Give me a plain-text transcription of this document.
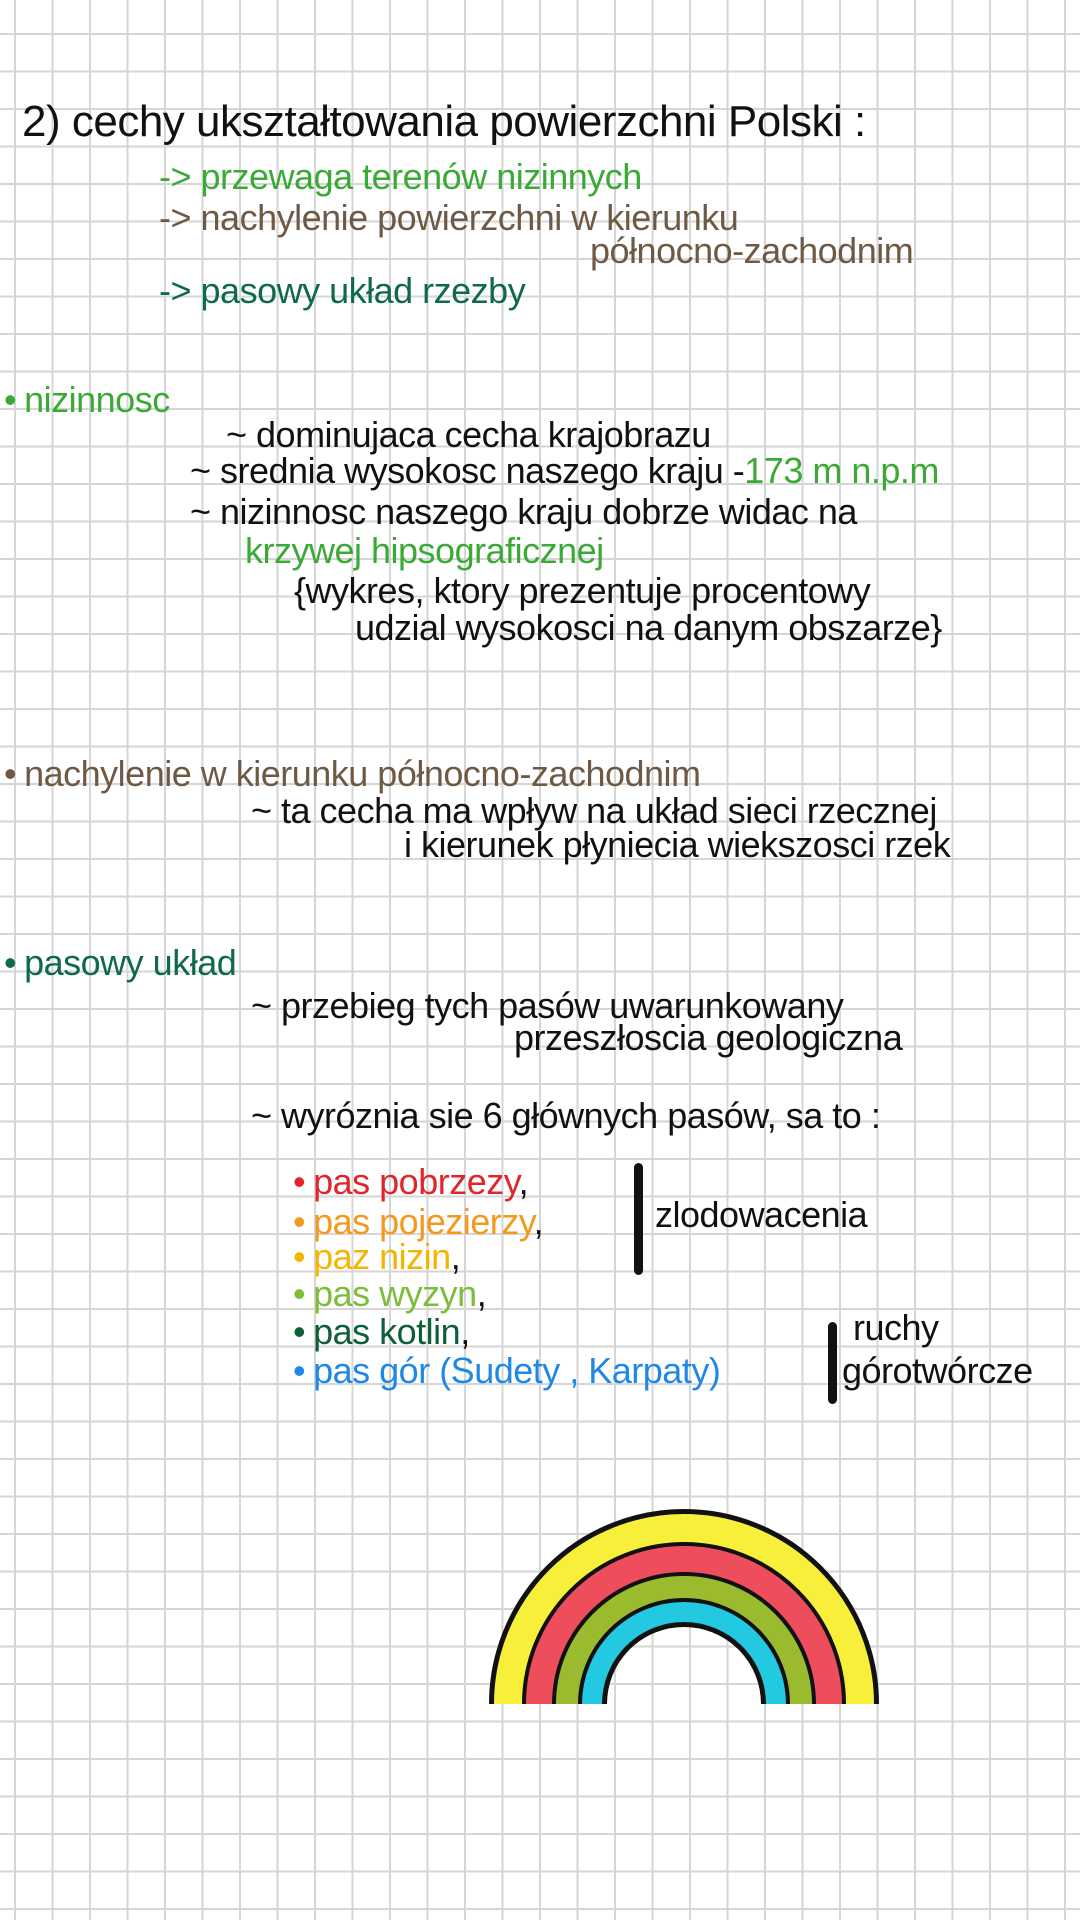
2) cechy ukształtowania powierzchni Polski :
-> przewaga terenów nizinnych
-> nachylenie powierzchni w kierunku
północno-zachodnim
-> pasowy układ rzezby
• nizinnosc
~ dominujaca cecha krajobrazu
~ srednia wysokosc naszego kraju -173 m n.p.m
~ nizinnosc naszego kraju dobrze widac na
krzywej hipsograficznej
{wykres, ktory prezentuje procentowy
udzial wysokosci na danym obszarze}
• nachylenie w kierunku północno-zachodnim
~ ta cecha ma wpływ na układ sieci rzecznej
i kierunek płyniecia wiekszosci rzek
• pasowy układ
~ przebieg tych pasów uwarunkowany
przeszłoscia geologiczna
~ wyróznia sie 6 głównych pasów, sa to :
• pas pobrzezy,
• pas pojezierzy,
• paz nizin,
• pas wyzyn,
• pas kotlin,
• pas gór (Sudety , Karpaty)
zlodowacenia
ruchy
górotwórcze
